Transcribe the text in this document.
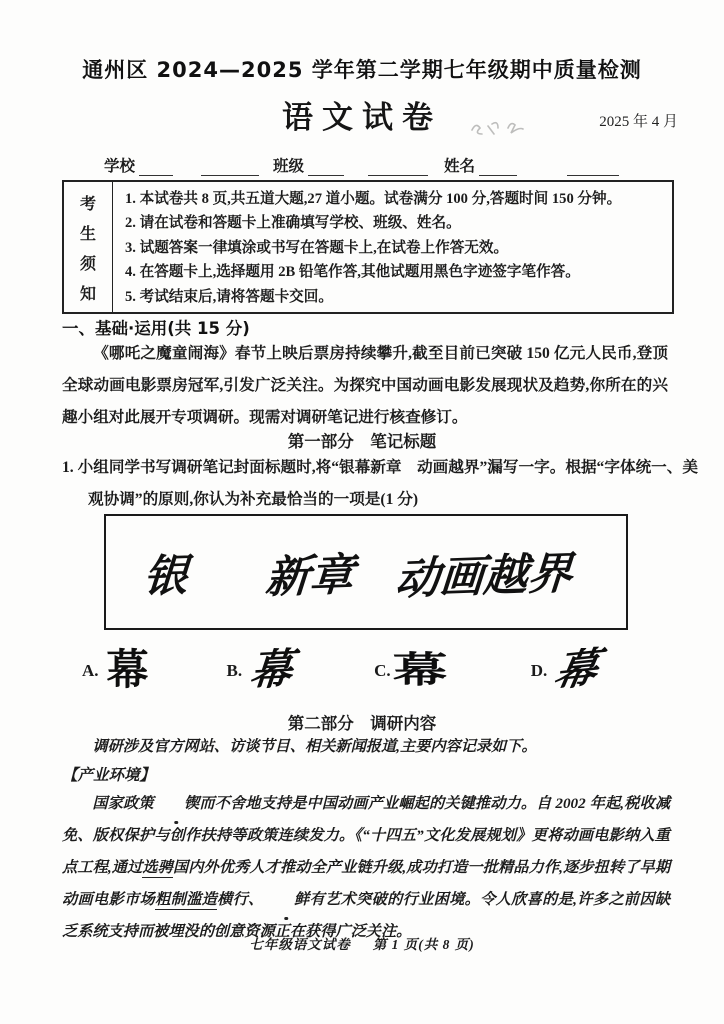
通州区 2024—2025 学年第二学期七年级期中质量检测
语文试卷	2025 年 4 月
学校	班级	姓名
考
生
须
知
1. 本试卷共 8 页,共五道大题,27 道小题。试卷满分 100 分,答题时间 150 分钟。
2. 请在试卷和答题卡上准确填写学校、班级、姓名。
3. 试题答案一律填涂或书写在答题卡上,在试卷上作答无效。
4. 在答题卡上,选择题用 2B 铅笔作答,其他试题用黑色字迹签字笔作答。
5. 考试结束后,请将答题卡交回。
一、基础·运用(共 15 分)
《哪吒之魔童闹海》春节上映后票房持续攀升,截至目前已突破 150 亿元人民币,登顶全球动画电影票房冠军,引发广泛关注。为探究中国动画电影发展现状及趋势,你所在的兴趣小组对此展开专项调研。现需对调研笔记进行核查修订。
第一部分　笔记标题
1. 小组同学书写调研笔记封面标题时,将“银幕新章　动画越界”漏写一字。根据“字体统一、美观协调”的原则,你认为补充最恰当的一项是(1 分)
银 新章 动画越界
A. 幕	B. 幕	C. 幕	D. 幕
第二部分　调研内容
调研涉及官方网站、访谈节目、相关新闻报道,主要内容记录如下。
【产业环境】
国家政策 锲而不舍地支持是中国动画产业崛起的关键推动力。自 2002 年起,税收减免、版权保护与创作扶持等政策连续发力。《“十四五”文化发展规划》更将动画电影纳入重点工程,通过选骋国内外优秀人才推动全产业链升级,成功打造一批精品力作,逐步扭转了早期动画电影市场粗制滥造横行、 鲜有艺术突破的行业困境。令人欣喜的是,许多之前因缺乏系统支持而被埋没的创意资源正在获得广泛关注。
七年级语文试卷 第 1 页(共 8 页)
